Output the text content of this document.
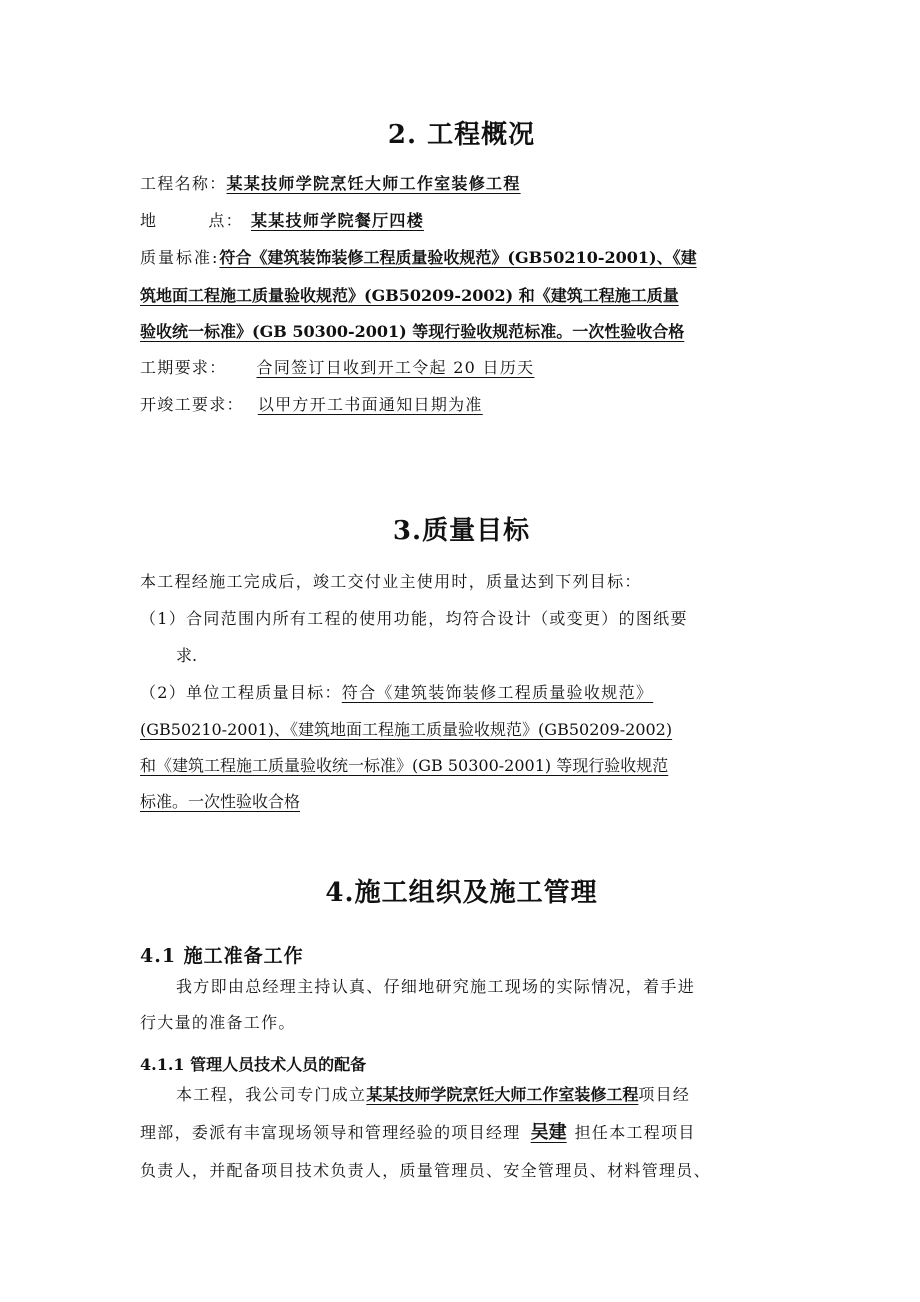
2. 工程概况
工程名称：某某技师学院烹饪大师工作室装修工程
地        点： 某某技师学院餐厅四楼
质量标准:符合《建筑装饰装修工程质量验收规范》(GB50210-2001)、《建
筑地面工程施工质量验收规范》(GB50209-2002) 和《建筑工程施工质量
验收统一标准》(GB 50300-2001) 等现行验收规范标准。一次性验收合格
工期要求： 合同签订日收到开工令起 20 日历天
开竣工要求： 以甲方开工书面通知日期为准
3.质量目标
本工程经施工完成后，竣工交付业主使用时，质量达到下列目标：
（1）合同范围内所有工程的使用功能，均符合设计（或变更）的图纸要
求.
（2）单位工程质量目标：符合《建筑装饰装修工程质量验收规范》
(GB50210-2001)、《建筑地面工程施工质量验收规范》(GB50209-2002)
和《建筑工程施工质量验收统一标准》(GB 50300-2001) 等现行验收规范
标准。一次性验收合格
4.施工组织及施工管理
4.1 施工准备工作
我方即由总经理主持认真、仔细地研究施工现场的实际情况，着手进
行大量的准备工作。
4.1.1 管理人员技术人员的配备
本工程，我公司专门成立某某技师学院烹饪大师工作室装修工程项目经
理部，委派有丰富现场领导和管理经验的项目经理 吴建 担任本工程项目
负责人，并配备项目技术负责人，质量管理员、安全管理员、材料管理员、
